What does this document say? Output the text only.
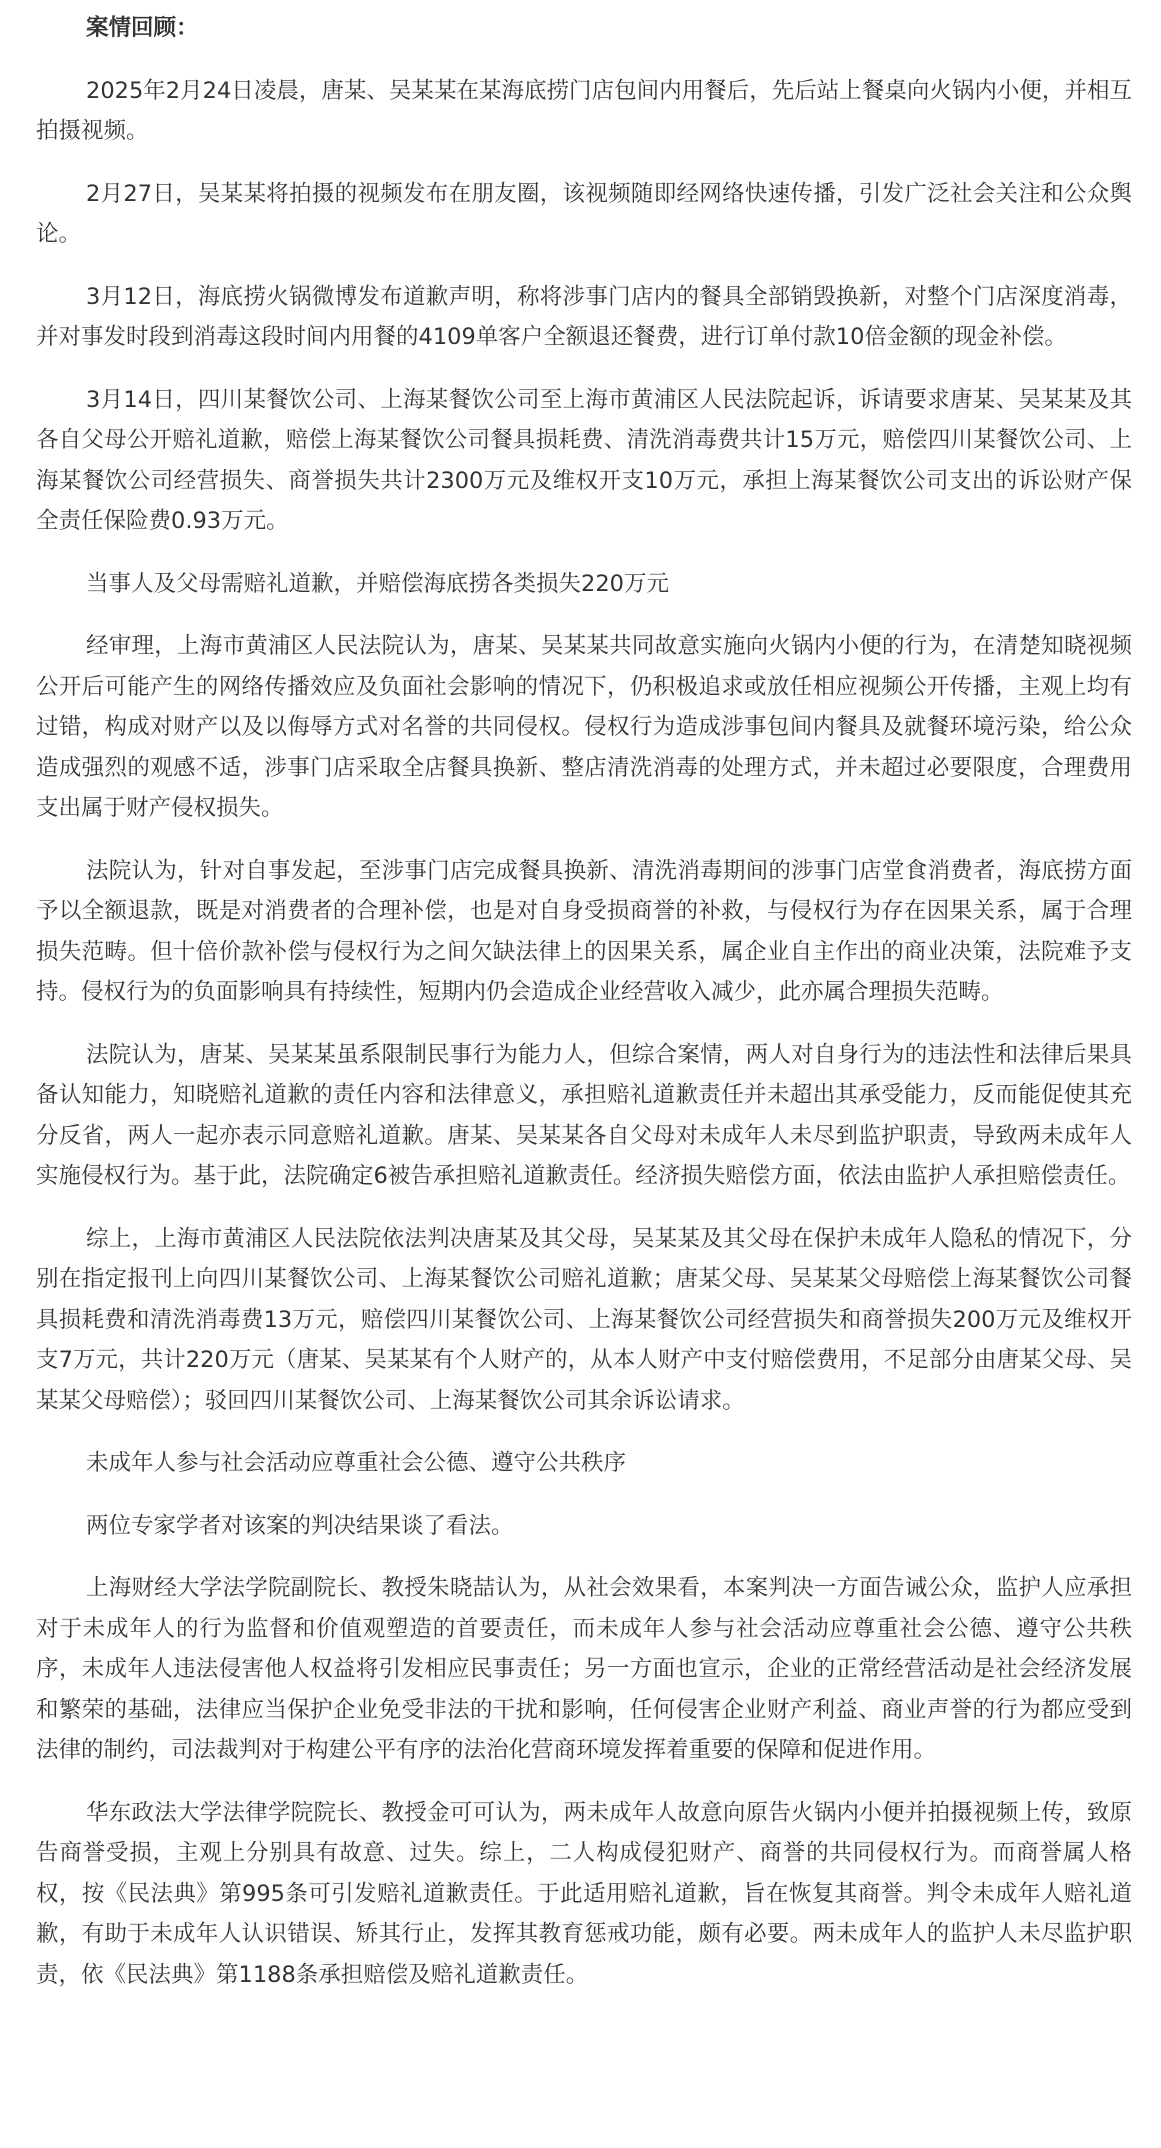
案情回顾：

2025年2月24日凌晨，唐某、吴某某在某海底捞门店包间内用餐后，先后站上餐桌向火锅内小便，并相互拍摄视频。

2月27日，吴某某将拍摄的视频发布在朋友圈，该视频随即经网络快速传播，引发广泛社会关注和公众舆论。

3月12日，海底捞火锅微博发布道歉声明，称将涉事门店内的餐具全部销毁换新，对整个门店深度消毒，并对事发时段到消毒这段时间内用餐的4109单客户全额退还餐费，进行订单付款10倍金额的现金补偿。

3月14日，四川某餐饮公司、上海某餐饮公司至上海市黄浦区人民法院起诉，诉请要求唐某、吴某某及其各自父母公开赔礼道歉，赔偿上海某餐饮公司餐具损耗费、清洗消毒费共计15万元，赔偿四川某餐饮公司、上海某餐饮公司经营损失、商誉损失共计2300万元及维权开支10万元，承担上海某餐饮公司支出的诉讼财产保全责任保险费0.93万元。

当事人及父母需赔礼道歉，并赔偿海底捞各类损失220万元

经审理，上海市黄浦区人民法院认为，唐某、吴某某共同故意实施向火锅内小便的行为，在清楚知晓视频公开后可能产生的网络传播效应及负面社会影响的情况下，仍积极追求或放任相应视频公开传播，主观上均有过错，构成对财产以及以侮辱方式对名誉的共同侵权。侵权行为造成涉事包间内餐具及就餐环境污染，给公众造成强烈的观感不适，涉事门店采取全店餐具换新、整店清洗消毒的处理方式，并未超过必要限度，合理费用支出属于财产侵权损失。

法院认为，针对自事发起，至涉事门店完成餐具换新、清洗消毒期间的涉事门店堂食消费者，海底捞方面予以全额退款，既是对消费者的合理补偿，也是对自身受损商誉的补救，与侵权行为存在因果关系，属于合理损失范畴。但十倍价款补偿与侵权行为之间欠缺法律上的因果关系，属企业自主作出的商业决策，法院难予支持。侵权行为的负面影响具有持续性，短期内仍会造成企业经营收入减少，此亦属合理损失范畴。

法院认为，唐某、吴某某虽系限制民事行为能力人，但综合案情，两人对自身行为的违法性和法律后果具备认知能力，知晓赔礼道歉的责任内容和法律意义，承担赔礼道歉责任并未超出其承受能力，反而能促使其充分反省，两人一起亦表示同意赔礼道歉。唐某、吴某某各自父母对未成年人未尽到监护职责，导致两未成年人实施侵权行为。基于此，法院确定6被告承担赔礼道歉责任。经济损失赔偿方面，依法由监护人承担赔偿责任。

综上，上海市黄浦区人民法院依法判决唐某及其父母，吴某某及其父母在保护未成年人隐私的情况下，分别在指定报刊上向四川某餐饮公司、上海某餐饮公司赔礼道歉；唐某父母、吴某某父母赔偿上海某餐饮公司餐具损耗费和清洗消毒费13万元，赔偿四川某餐饮公司、上海某餐饮公司经营损失和商誉损失200万元及维权开支7万元，共计220万元（唐某、吴某某有个人财产的，从本人财产中支付赔偿费用，不足部分由唐某父母、吴某某父母赔偿）；驳回四川某餐饮公司、上海某餐饮公司其余诉讼请求。

未成年人参与社会活动应尊重社会公德、遵守公共秩序

两位专家学者对该案的判决结果谈了看法。

上海财经大学法学院副院长、教授朱晓喆认为，从社会效果看，本案判决一方面告诫公众，监护人应承担对于未成年人的行为监督和价值观塑造的首要责任，而未成年人参与社会活动应尊重社会公德、遵守公共秩序，未成年人违法侵害他人权益将引发相应民事责任；另一方面也宣示，企业的正常经营活动是社会经济发展和繁荣的基础，法律应当保护企业免受非法的干扰和影响，任何侵害企业财产利益、商业声誉的行为都应受到法律的制约，司法裁判对于构建公平有序的法治化营商环境发挥着重要的保障和促进作用。

华东政法大学法律学院院长、教授金可可认为，两未成年人故意向原告火锅内小便并拍摄视频上传，致原告商誉受损，主观上分别具有故意、过失。综上，二人构成侵犯财产、商誉的共同侵权行为。而商誉属人格权，按《民法典》第995条可引发赔礼道歉责任。于此适用赔礼道歉，旨在恢复其商誉。判令未成年人赔礼道歉，有助于未成年人认识错误、矫其行止，发挥其教育惩戒功能，颇有必要。两未成年人的监护人未尽监护职责，依《民法典》第1188条承担赔偿及赔礼道歉责任。
